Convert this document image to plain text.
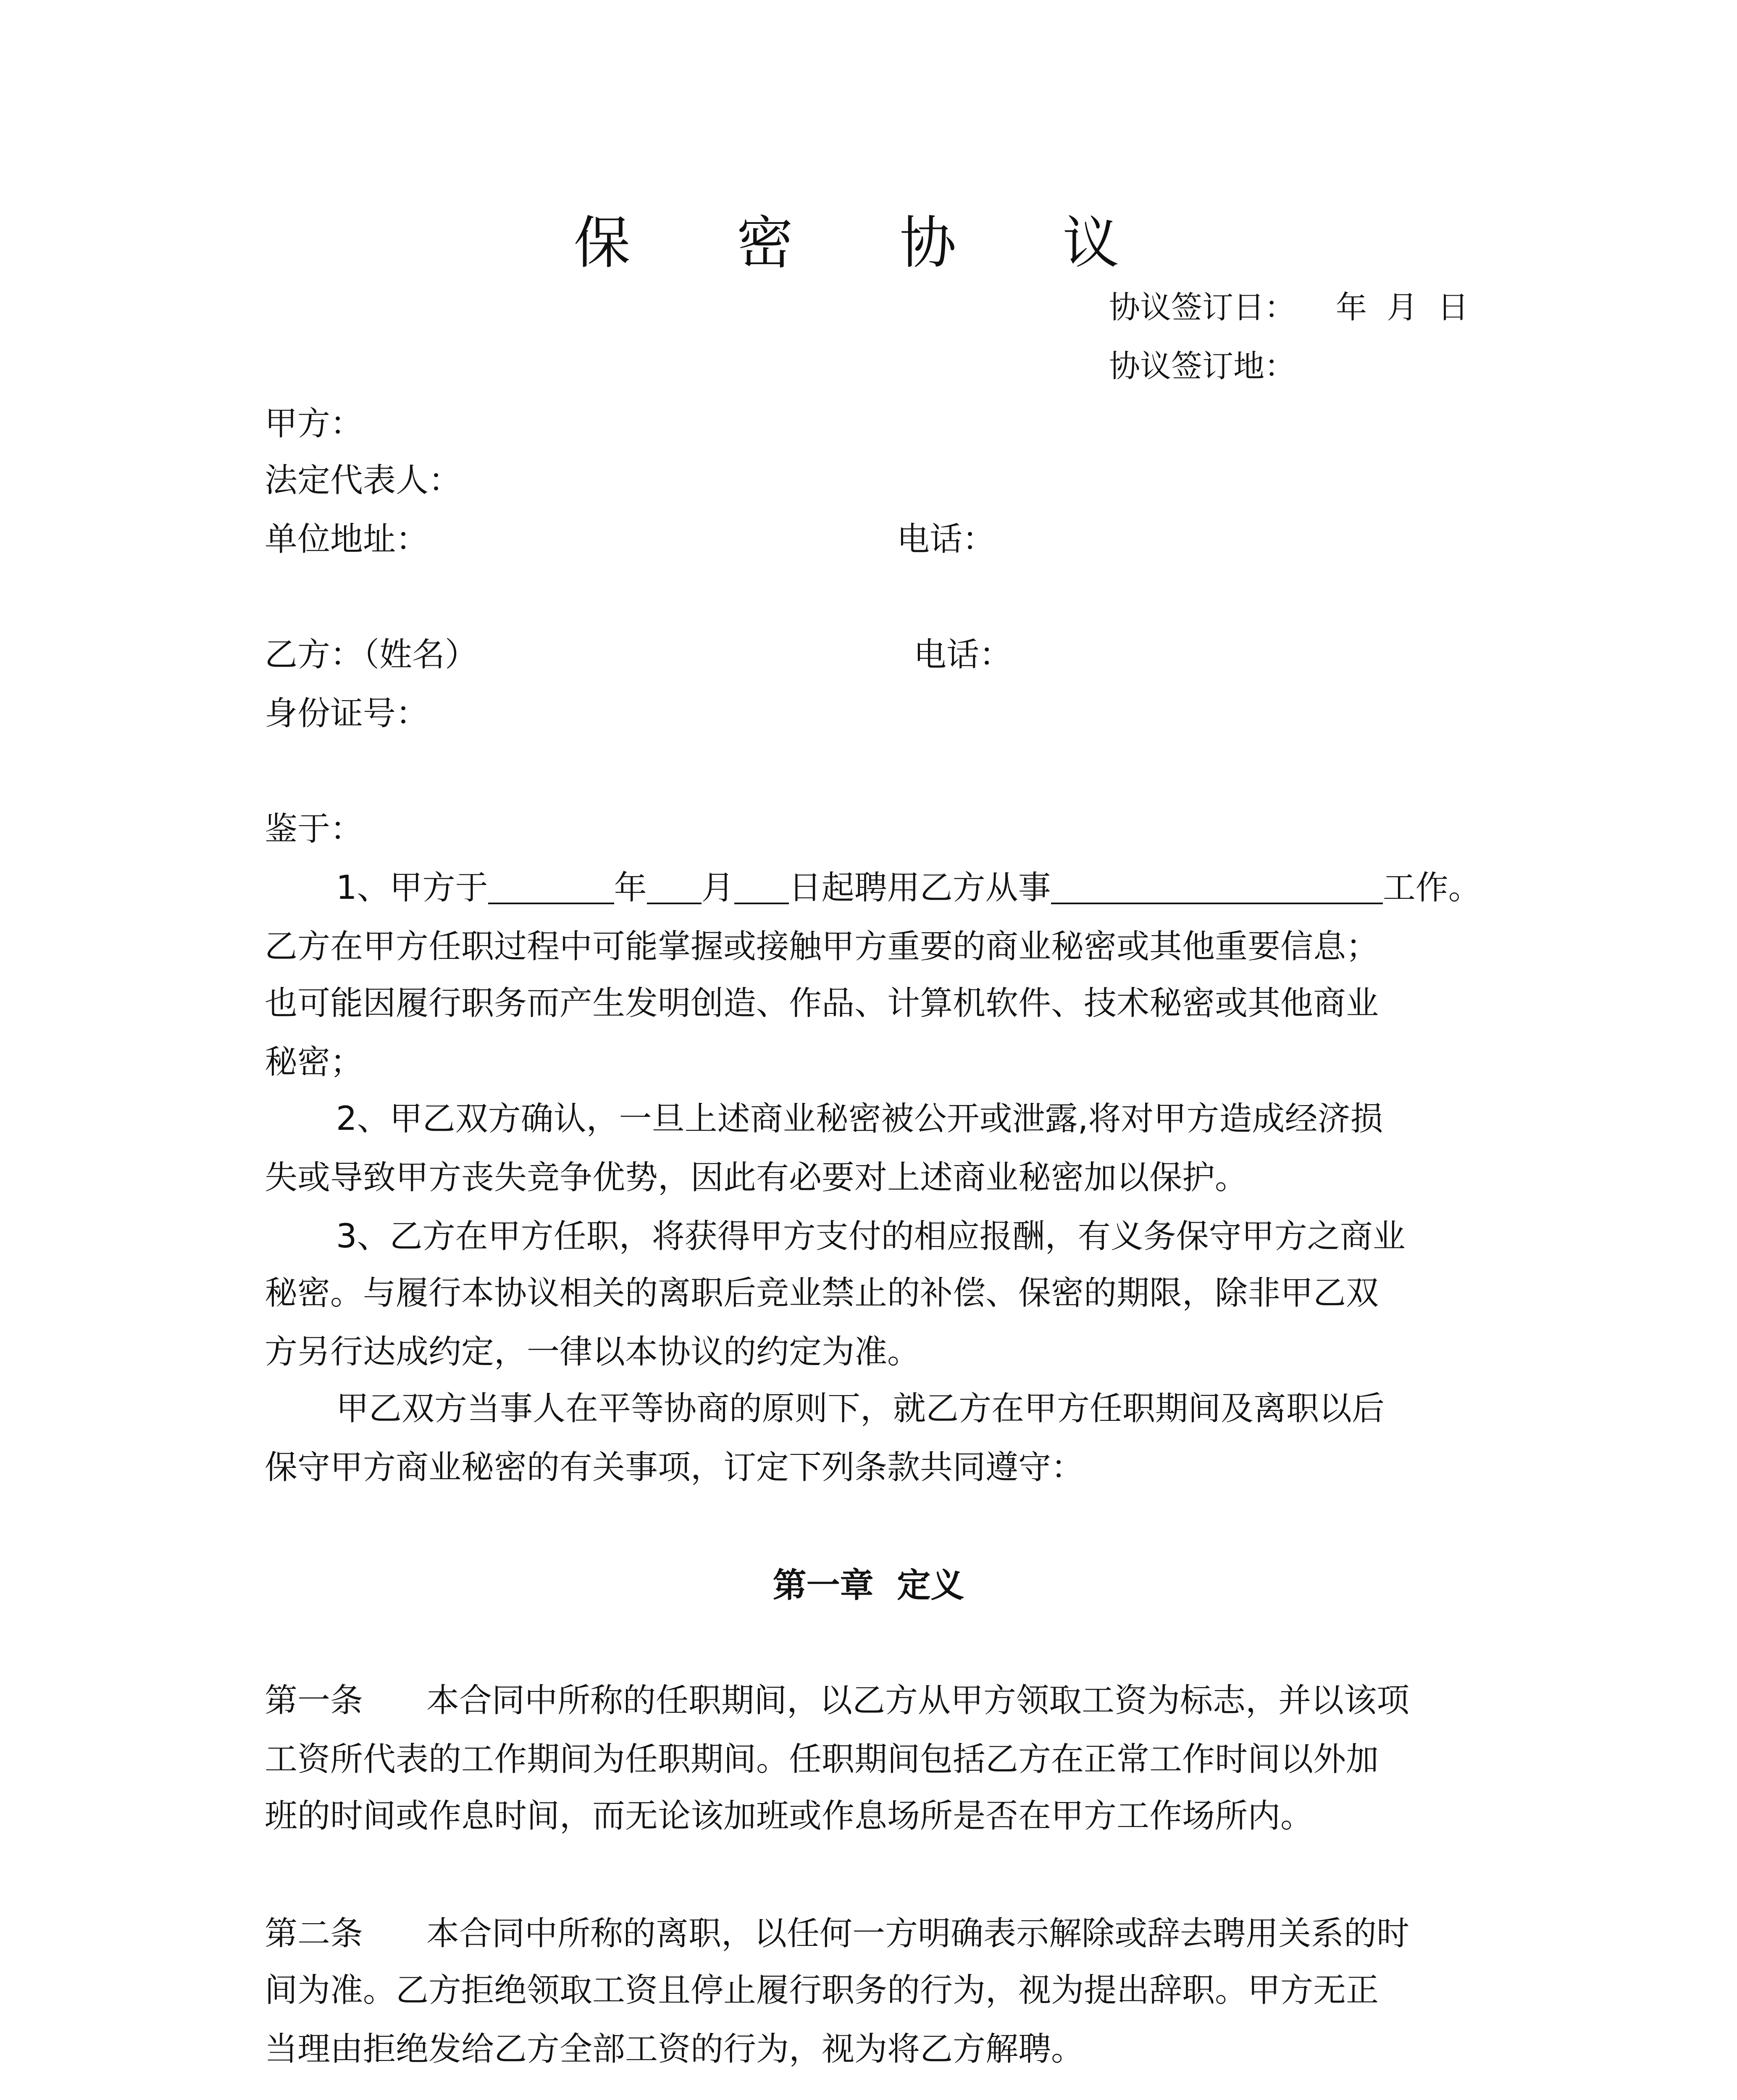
保 密 协 议
协议签订日： 年  月  日
协议签订地：
甲方：
法定代表人：
单位地址：	电话：
乙方：（姓名）	电话：
身份证号：
鉴于：
1、甲方于	年 月 日起聘用乙方从事	工作。
乙方在甲方任职过程中可能掌握或接触甲方重要的商业秘密或其他重要信息；
也可能因履行职务而产生发明创造、作品、计算机软件、技术秘密或其他商业
秘密；
2、甲乙双方确认，一旦上述商业秘密被公开或泄露,将对甲方造成经济损
失或导致甲方丧失竞争优势，因此有必要对上述商业秘密加以保护。
3、乙方在甲方任职，将获得甲方支付的相应报酬，有义务保守甲方之商业
秘密。与履行本协议相关的离职后竞业禁止的补偿、保密的期限，除非甲乙双
方另行达成约定，一律以本协议的约定为准。
甲乙双方当事人在平等协商的原则下，就乙方在甲方任职期间及离职以后
保守甲方商业秘密的有关事项，订定下列条款共同遵守：
第一章  定义
第一条 本合同中所称的任职期间，以乙方从甲方领取工资为标志，并以该项
工资所代表的工作期间为任职期间。任职期间包括乙方在正常工作时间以外加
班的时间或作息时间，而无论该加班或作息场所是否在甲方工作场所内。
第二条 本合同中所称的离职，以任何一方明确表示解除或辞去聘用关系的时
间为准。乙方拒绝领取工资且停止履行职务的行为，视为提出辞职。甲方无正
当理由拒绝发给乙方全部工资的行为，视为将乙方解聘。
